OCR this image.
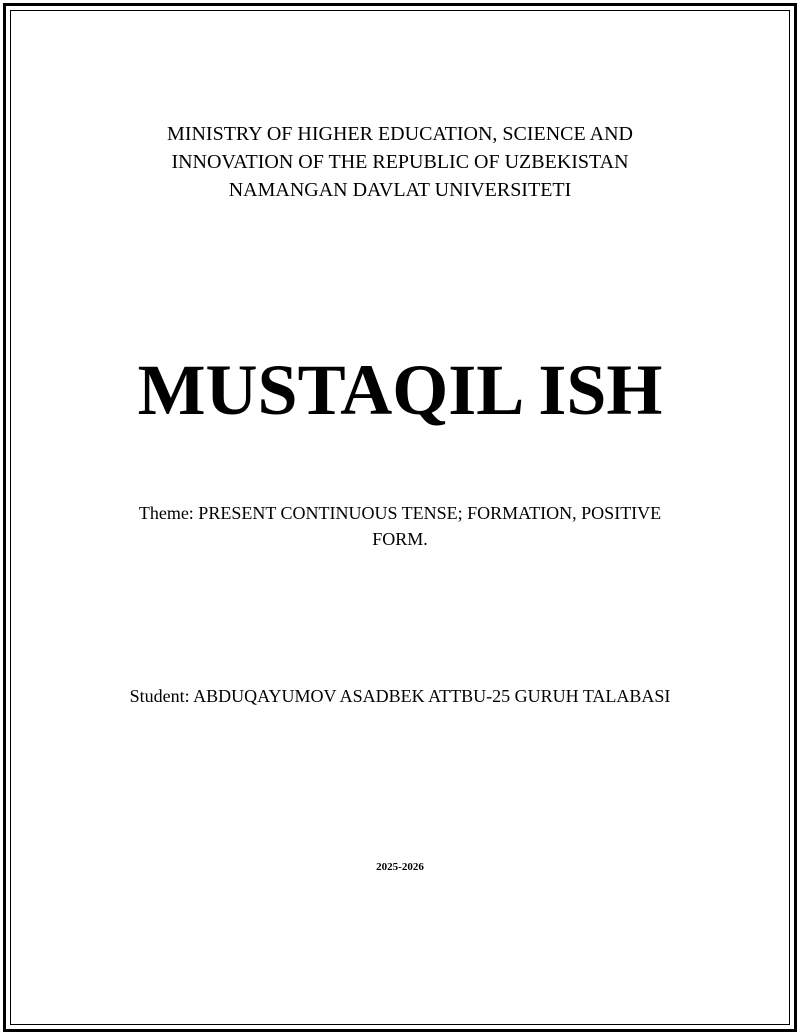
MINISTRY OF HIGHER EDUCATION, SCIENCE AND
INNOVATION OF THE REPUBLIC OF UZBEKISTAN
NAMANGAN DAVLAT UNIVERSITETI
MUSTAQIL ISH
Theme: PRESENT CONTINUOUS TENSE; FORMATION, POSITIVE FORM.
Student: ABDUQAYUMOV ASADBEK ATTBU-25 GURUH TALABASI
2025-2026
